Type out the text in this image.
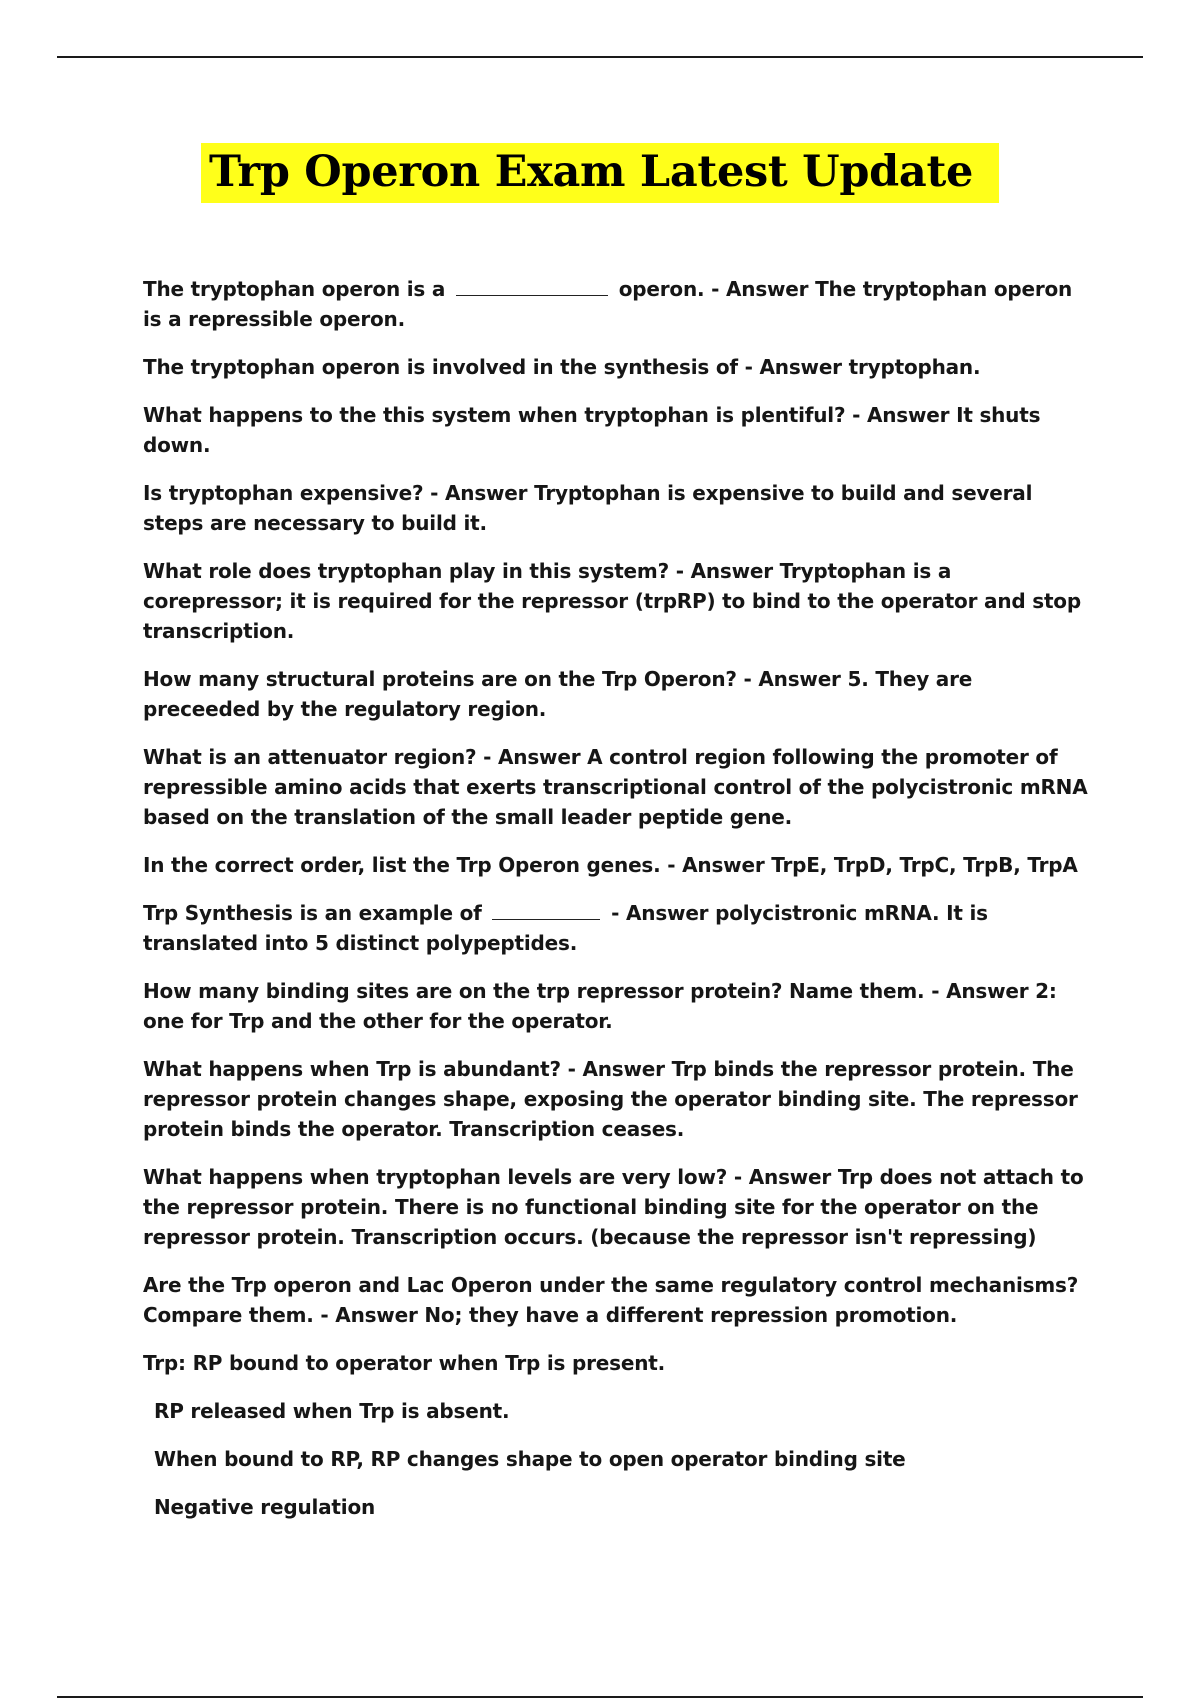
Trp Operon Exam Latest Update

The tryptophan operon is a	operon. - Answer The tryptophan operon is a repressible operon.

The tryptophan operon is involved in the synthesis of - Answer tryptophan.

What happens to the this system when tryptophan is plentiful? - Answer It shuts down.

Is tryptophan expensive? - Answer Tryptophan is expensive to build and several steps are necessary to build it.

What role does tryptophan play in this system? - Answer Tryptophan is a corepressor; it is required for the repressor (trpRP) to bind to the operator and stop transcription.

How many structural proteins are on the Trp Operon? - Answer 5. They are preceeded by the regulatory region.

What is an attenuator region? - Answer A control region following the promoter of repressible amino acids that exerts transcriptional control of the polycistronic mRNA based on the translation of the small leader peptide gene.

In the correct order, list the Trp Operon genes. - Answer TrpE, TrpD, TrpC, TrpB, TrpA

Trp Synthesis is an example of	- Answer polycistronic mRNA. It is translated into 5 distinct polypeptides.

How many binding sites are on the trp repressor protein? Name them. - Answer 2: one for Trp and the other for the operator.

What happens when Trp is abundant? - Answer Trp binds the repressor protein. The repressor protein changes shape, exposing the operator binding site. The repressor protein binds the operator. Transcription ceases.

What happens when tryptophan levels are very low? - Answer Trp does not attach to the repressor protein. There is no functional binding site for the operator on the repressor protein. Transcription occurs. (because the repressor isn't repressing)

Are the Trp operon and Lac Operon under the same regulatory control mechanisms? Compare them. - Answer No; they have a different repression promotion.

Trp: RP bound to operator when Trp is present.

RP released when Trp is absent.

When bound to RP, RP changes shape to open operator binding site

Negative regulation
